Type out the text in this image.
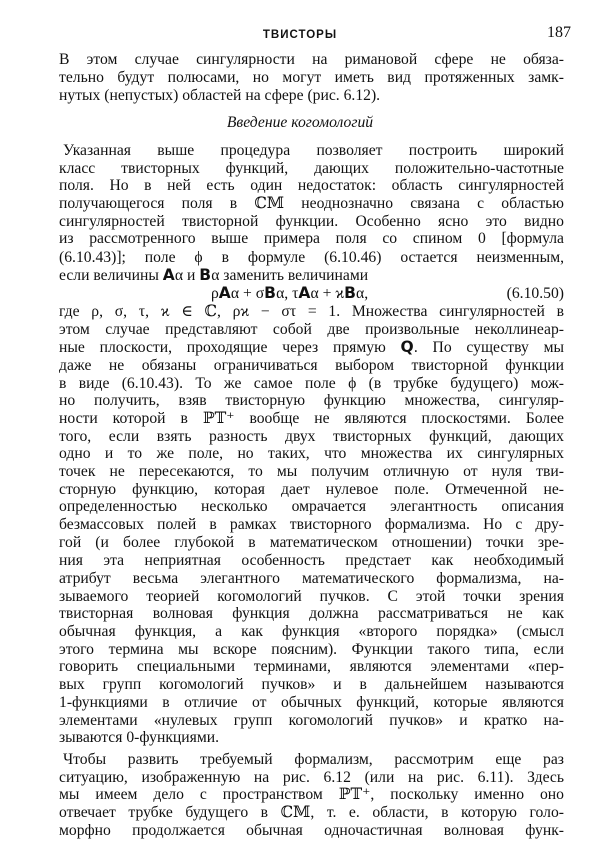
ТВИСТОРЫ	187
В этом случае сингулярности на римановой сфере не обяза-
тельно будут полюсами, но могут иметь вид протяженных замк-
нутых (непустых) областей на сфере (рис. 6.12).
Введение когомологий
Указанная выше процедура позволяет построить широкий
класс твисторных функций, дающих положительно-частотные
поля. Но в ней есть один недостаток: область сингулярностей
получающегося поля в ℂ𝕄 неоднозначно связана с областью
сингулярностей твисторной функции. Особенно ясно это видно
из рассмотренного выше примера поля со спином 0 [формула
(6.10.43)]; поле ϕ в формуле (6.10.46) остается неизменным,
если величины 𝗔α и 𝗕α заменить величинами
ρ𝗔α + σ𝗕α, τ𝗔α + ϰ𝗕α,	(6.10.50)
где ρ, σ, τ, ϰ ∈ ℂ, ρϰ − στ = 1. Множества сингулярностей в
этом случае представляют собой две произвольные неколлинеар-
ные плоскости, проходящие через прямую 𝗤. По существу мы
даже не обязаны ограничиваться выбором твисторной функции
в виде (6.10.43). То же самое поле ϕ (в трубке будущего) мож-
но получить, взяв твисторную функцию множества, сингуляр-
ности которой в ℙ𝕋⁺ вообще не являются плоскостями. Более
того, если взять разность двух твисторных функций, дающих
одно и то же поле, но таких, что множества их сингулярных
точек не пересекаются, то мы получим отличную от нуля тви-
сторную функцию, которая дает нулевое поле. Отмеченной не-
определенностью несколько омрачается элегантность описания
безмассовых полей в рамках твисторного формализма. Но с дру-
гой (и более глубокой в математическом отношении) точки зре-
ния эта неприятная особенность предстает как необходимый
атрибут весьма элегантного математического формализма, на-
зываемого теорией когомологий пучков. С этой точки зрения
твисторная волновая функция должна рассматриваться не как
обычная функция, а как функция «второго порядка» (смысл
этого термина мы вскоре поясним). Функции такого типа, если
говорить специальными терминами, являются элементами «пер-
вых групп когомологий пучков» и в дальнейшем называются
1-функциями в отличие от обычных функций, которые являются
элементами «нулевых групп когомологий пучков» и кратко на-
зываются 0-функциями.
Чтобы развить требуемый формализм, рассмотрим еще раз
ситуацию, изображенную на рис. 6.12 (или на рис. 6.11). Здесь
мы имеем дело с пространством ℙ𝕋⁺, поскольку именно оно
отвечает трубке будущего в ℂ𝕄, т. е. области, в которую голо-
морфно продолжается обычная одночастичная волновая функ-
